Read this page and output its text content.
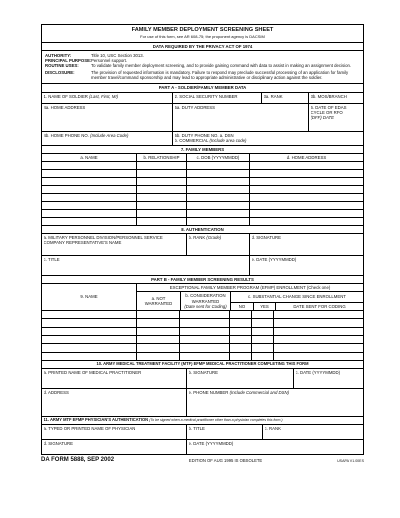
FAMILY MEMBER DEPLOYMENT SCREENING SHEET
For use of this form, see AR 608-75; the proponent agency is DACSIM
DATA REQUIRED BY THE PRIVACY ACT OF 1974
AUTHORITY:	Title 10, USC Section 3013.
PRINCIPAL PURPOSE: Personnel support.
ROUTINE USES:	To validate family member deployment screening, and to provide gaining command with data to assist in making an assignment decision.
DISCLOSURE:	The provision of requested information is mandatory. Failure to respond may preclude successful processing of an application for family member travel/command sponsorship and may lead to appropriate administrative or disciplinary action against the soldier.
PART A - SOLDIER/FAMILY MEMBER DATA
1. NAME OF SOLDIER (Last, First, MI)	2. SOCIAL SECURITY NUMBER	3a. RANK	3b. MOS/BRANCH
4a. HOME ADDRESS	5a. DUTY ADDRESS	6. DATE OF EDAS CYCLE OR RFO
(DFF) DATE
4b. HOME PHONE NO. (Include Area Code)	5b. DUTY PHONE NO. a. DSN
b. COMMERCIAL (Include area code)
7. FAMILY MEMBERS
a. NAME	b. RELATIONSHIP	c. DOB (YYYYMMDD)	d. HOME ADDRESS
8. AUTHENTICATION
a. MILITARY PERSONNEL DIVISION/PERSONNEL SERVICE COMPANY REPRESENTATIVE'S NAME
b. RANK (Grade)	d. SIGNATURE
c. TITLE	e. DATE (YYYYMMDD)
PART B - FAMILY MEMBER SCREENING RESULTS
9. NAME
EXCEPTIONAL FAMILY MEMBER PROGRAM (EFMP) ENROLLMENT (Check one)
a. NOT WARRANTED
b. CONSIDERATION WARRANTED
(Date sent for Coding)
c. SUBSTANTIAL CHANGE SINCE ENROLLMENT
NO	YES	DATE SENT FOR CODING
10. ARMY MEDICAL TREATMENT FACILITY (MTF) EFMP MEDICAL PRACTITIONER COMPLETING THIS FORM
a. PRINTED NAME OF MEDICAL PRACTITIONER	b. SIGNATURE	c. DATE (YYYYMMDD)
d. ADDRESS	e. PHONE NUMBER (Include Commercial and DSN)
11. ARMY MTF EFMP PHYSICIAN'S AUTHENTICATION (To be signed when a medical practitioner other than a physician completes this form.)
a. TYPED OR PRINTED NAME OF PHYSICIAN	b. TITLE	c. RANK
d. SIGNATURE	e. DATE (YYYYMMDD)
DA FORM 5888, SEP 2002	EDITION OF AUG 1995 IS OBSOLETE	USAPA V1.00ES
